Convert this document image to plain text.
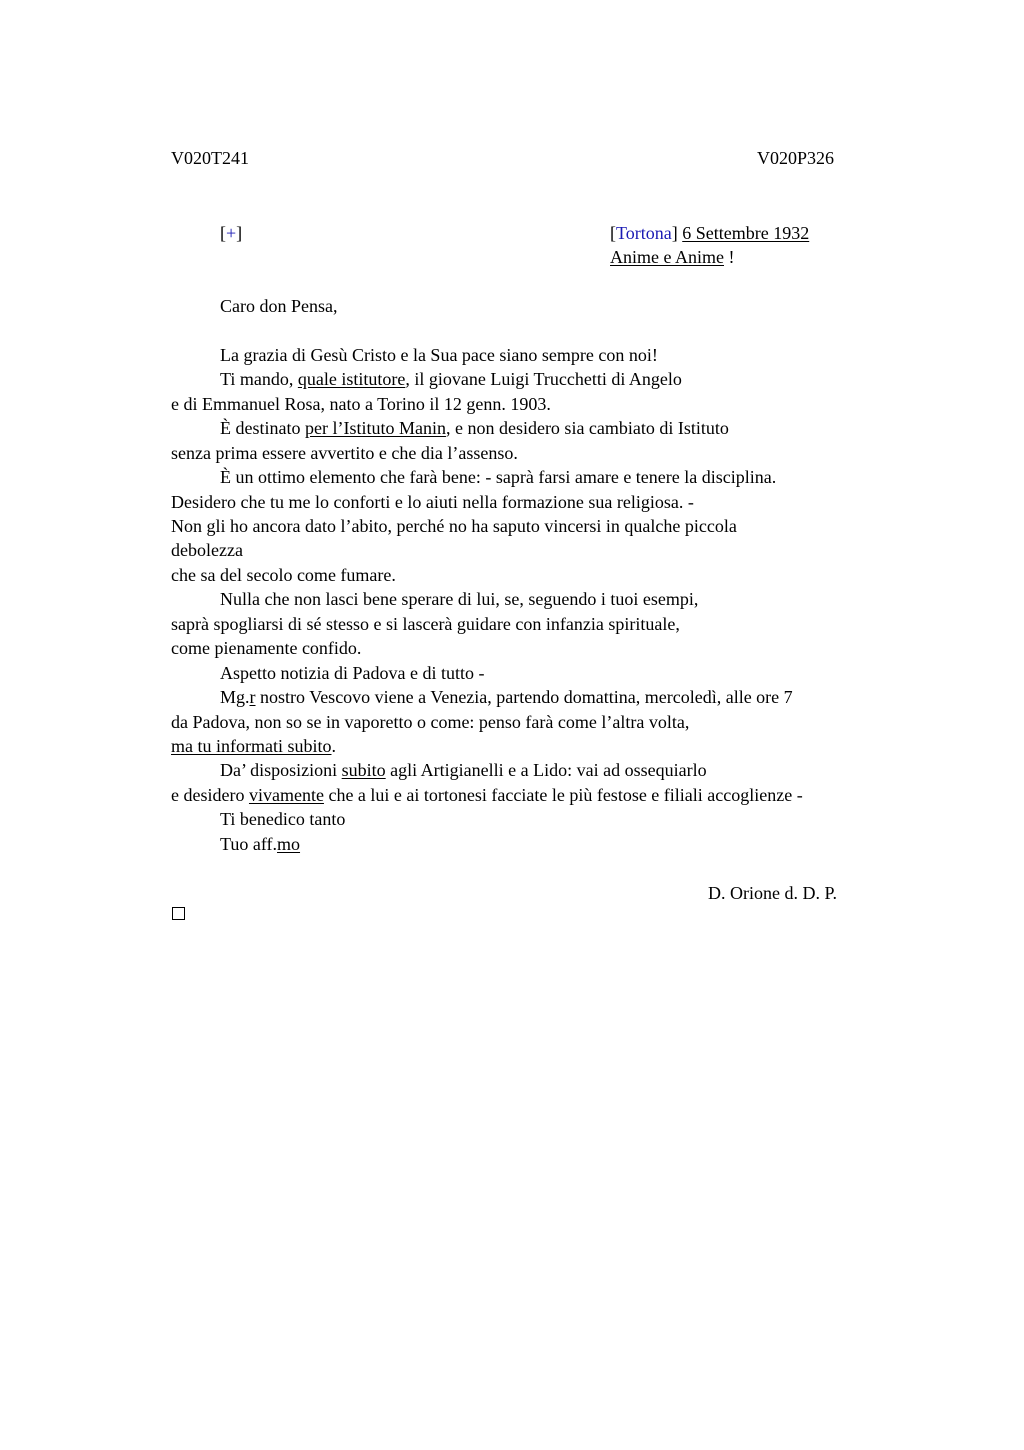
V020T241	V020P326
[+]	[Tortona] 6 Settembre 1932
Anime e Anime !
Caro don Pensa,
La grazia di Gesù Cristo e la Sua pace siano sempre con noi!
Ti mando, quale istitutore, il giovane Luigi Trucchetti di Angelo
e di Emmanuel Rosa, nato a Torino il 12 genn. 1903.
È destinato per l’Istituto Manin, e non desidero sia cambiato di Istituto
senza prima essere avvertito e che dia l’assenso.
È un ottimo elemento che farà bene: - saprà farsi amare e tenere la disciplina.
Desidero che tu me lo conforti e lo aiuti nella formazione sua religiosa. -
Non gli ho ancora dato l’abito, perché no ha saputo vincersi in qualche piccola
debolezza
che sa del secolo come fumare.
Nulla che non lasci bene sperare di lui, se, seguendo i tuoi esempi,
saprà spogliarsi di sé stesso e si lascerà guidare con infanzia spirituale,
come pienamente confido.
Aspetto notizia di Padova e di tutto -
Mg.r nostro Vescovo viene a Venezia, partendo domattina, mercoledì, alle ore 7
da Padova, non so se in vaporetto o come: penso farà come l’altra volta,
ma tu informati subito.
Da’ disposizioni subito agli Artigianelli e a Lido: vai ad ossequiarlo
e desidero vivamente che a lui e ai tortonesi facciate le più festose e filiali accoglienze -
Ti benedico tanto
Tuo aff.mo
D. Orione d. D. P.
